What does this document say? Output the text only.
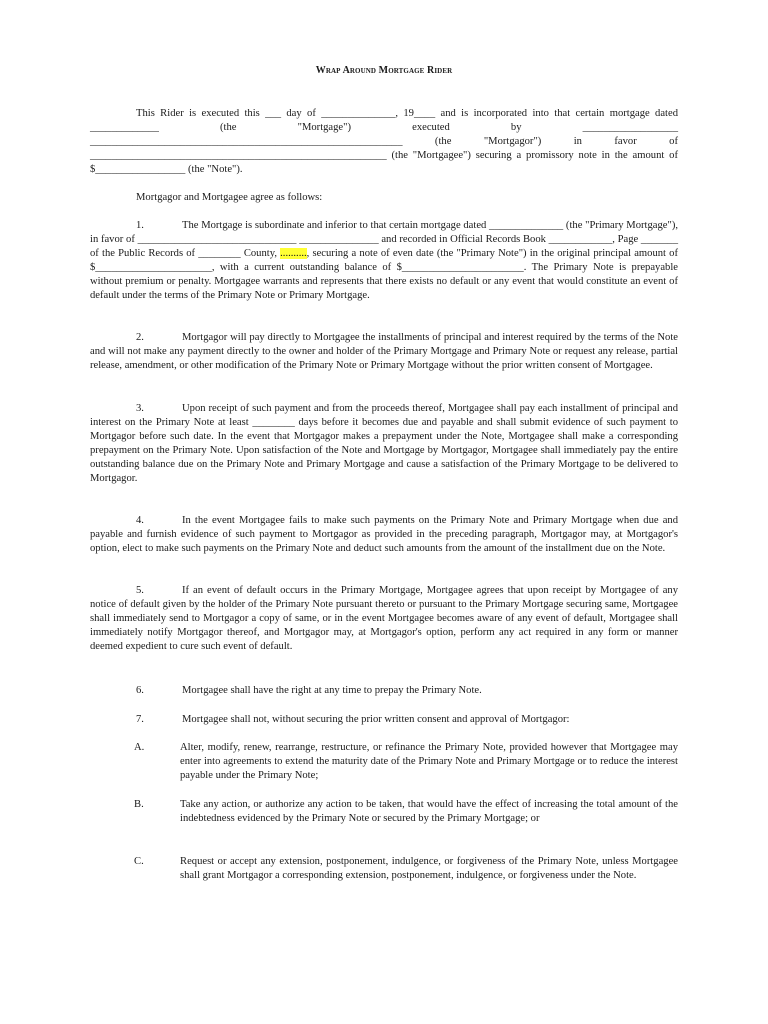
Wrap Around Mortgage Rider

This Rider is executed this ___ day of ______________, 19____ and is incorporated into that certain mortgage dated _____________ (the "Mortgage") executed by __________________ ___________________________________________________________ (the "Mortgagor") in favor of ________________________________________________________ (the "Mortgagee") securing a promissory note in the amount of $_________________ (the "Note").

Mortgagor and Mortgagee agree as follows:

1.	The Mortgage is subordinate and inferior to that certain mortgage dated ______________ (the "Primary Mortgage"), in favor of ______________________________ _______________ and recorded in Official Records Book ____________, Page _______ of the Public Records of ________ County, .........., securing a note of even date (the "Primary Note") in the original principal amount of $______________________, with a current outstanding balance of $_______________________. The Primary Note is prepayable without premium or penalty. Mortgagee warrants and represents that there exists no default or any event that would constitute an event of default under the terms of the Primary Note or Primary Mortgage.

2.	Mortgagor will pay directly to Mortgagee the installments of principal and interest required by the terms of the Note and will not make any payment directly to the owner and holder of the Primary Mortgage and Primary Note or request any release, partial release, amendment, or other modification of the Primary Note or Primary Mortgage without the prior written consent of Mortgagee.

3.	Upon receipt of such payment and from the proceeds thereof, Mortgagee shall pay each installment of principal and interest on the Primary Note at least ________ days before it becomes due and payable and shall submit evidence of such payment to Mortgagor before such date. In the event that Mortgagor makes a prepayment under the Note, Mortgagee shall make a corresponding prepayment on the Primary Note. Upon satisfaction of the Note and Mortgage by Mortgagor, Mortgagee shall immediately pay the entire outstanding balance due on the Primary Note and Primary Mortgage and cause a satisfaction of the Primary Mortgage to be delivered to Mortgagor.

4.	In the event Mortgagee fails to make such payments on the Primary Note and Primary Mortgage when due and payable and furnish evidence of such payment to Mortgagor as provided in the preceding paragraph, Mortgagor may, at Mortgagor's option, elect to make such payments on the Primary Note and deduct such amounts from the amount of the installment due on the Note.

5.	If an event of default occurs in the Primary Mortgage, Mortgagee agrees that upon receipt by Mortgagee of any notice of default given by the holder of the Primary Note pursuant thereto or pursuant to the Primary Mortgage securing same, Mortgagee shall immediately send to Mortgagor a copy of same, or in the event Mortgagee becomes aware of any event of default, Mortgagee shall immediately notify Mortgagor thereof, and Mortgagor may, at Mortgagor's option, perform any act required in any form or manner deemed expedient to cure such event of default.

6.	Mortgagee shall have the right at any time to prepay the Primary Note.

7.	Mortgagee shall not, without securing the prior written consent and approval of Mortgagor:

A.	Alter, modify, renew, rearrange, restructure, or refinance the Primary Note, provided however that Mortgagee may enter into agreements to extend the maturity date of the Primary Note and Primary Mortgage or to reduce the interest payable under the Primary Note;

B.	Take any action, or authorize any action to be taken, that would have the effect of increasing the total amount of the indebtedness evidenced by the Primary Note or secured by the Primary Mortgage; or

C.	Request or accept any extension, postponement, indulgence, or forgiveness of the Primary Note, unless Mortgagee shall grant Mortgagor a corresponding extension, postponement, indulgence, or forgiveness under the Note.
